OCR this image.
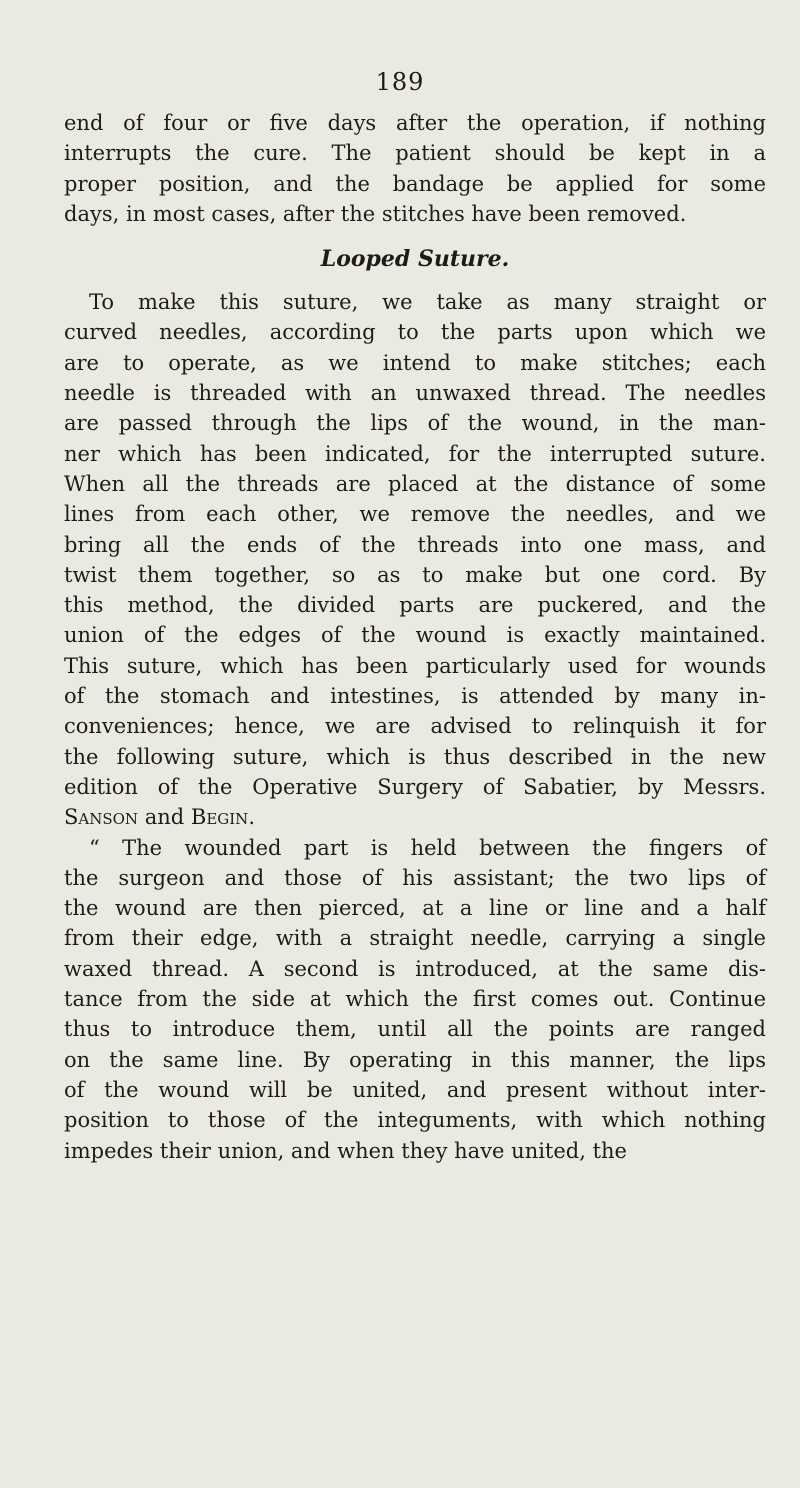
189
end of four or five days after the operation, if nothing
interrupts the cure. The patient should be kept in a
proper position, and the bandage be applied for some
days, in most cases, after the stitches have been removed.
Looped Suture.
To make this suture, we take as many straight or
curved needles, according to the parts upon which we
are to operate, as we intend to make stitches; each
needle is threaded with an unwaxed thread. The needles
are passed through the lips of the wound, in the man-
ner which has been indicated, for the interrupted suture.
When all the threads are placed at the distance of some
lines from each other, we remove the needles, and we
bring all the ends of the threads into one mass, and
twist them together, so as to make but one cord. By
this method, the divided parts are puckered, and the
union of the edges of the wound is exactly maintained.
This suture, which has been particularly used for wounds
of the stomach and intestines, is attended by many in-
conveniences; hence, we are advised to relinquish it for
the following suture, which is thus described in the new
edition of the Operative Surgery of Sabatier, by Messrs.
Sanson and Begin.
“ The wounded part is held between the fingers of
the surgeon and those of his assistant; the two lips of
the wound are then pierced, at a line or line and a half
from their edge, with a straight needle, carrying a single
waxed thread. A second is introduced, at the same dis-
tance from the side at which the first comes out. Continue
thus to introduce them, until all the points are ranged
on the same line. By operating in this manner, the lips
of the wound will be united, and present without inter-
position to those of the integuments, with which nothing
impedes their union, and when they have united, the
